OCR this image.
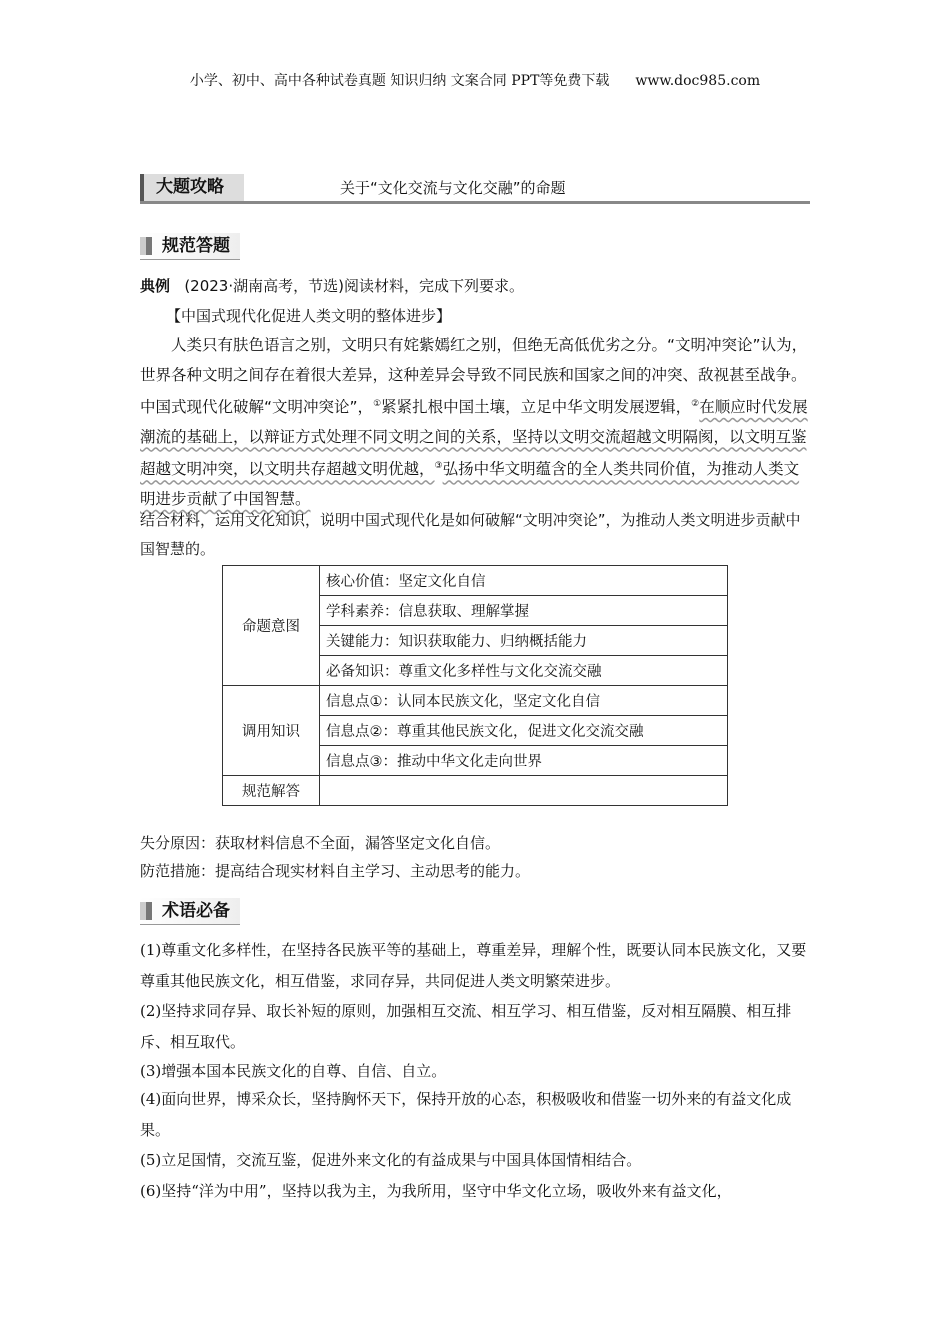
小学、初中、高中各种试卷真题 知识归纳 文案合同 PPT等免费下载 www.doc985.com
大题攻略	关于“文化交流与文化交融”的命题
规范答题
典例 (2023·湖南高考，节选)阅读材料，完成下列要求。
【中国式现代化促进人类文明的整体进步】
人类只有肤色语言之别，文明只有姹紫嫣红之别，但绝无高低优劣之分。“文明冲突论”认为，世界各种文明之间存在着很大差异，这种差异会导致不同民族和国家之间的冲突、敌视甚至战争。中国式现代化破解“文明冲突论”，①紧紧扎根中国土壤，立足中华文明发展逻辑，②在顺应时代发展潮流的基础上，以辩证方式处理不同文明之间的关系，坚持以文明交流超越文明隔阂，以文明互鉴超越文明冲突，以文明共存超越文明优越，③弘扬中华文明蕴含的全人类共同价值，为推动人类文明进步贡献了中国智慧。
结合材料，运用文化知识，说明中国式现代化是如何破解“文明冲突论”，为推动人类文明进步贡献中国智慧的。
命题意图	核心价值：坚定文化自信
	学科素养：信息获取、理解掌握
	关键能力：知识获取能力、归纳概括能力
	必备知识：尊重文化多样性与文化交流交融
调用知识	信息点①：认同本民族文化，坚定文化自信
	信息点②：尊重其他民族文化，促进文化交流交融
	信息点③：推动中华文化走向世界
规范解答	
失分原因：获取材料信息不全面，漏答坚定文化自信。
防范措施：提高结合现实材料自主学习、主动思考的能力。
术语必备
(1)尊重文化多样性，在坚持各民族平等的基础上，尊重差异，理解个性，既要认同本民族文化，又要尊重其他民族文化，相互借鉴，求同存异，共同促进人类文明繁荣进步。
(2)坚持求同存异、取长补短的原则，加强相互交流、相互学习、相互借鉴，反对相互隔膜、相互排斥、相互取代。
(3)增强本国本民族文化的自尊、自信、自立。
(4)面向世界，博采众长，坚持胸怀天下，保持开放的心态，积极吸收和借鉴一切外来的有益文化成果。
(5)立足国情，交流互鉴，促进外来文化的有益成果与中国具体国情相结合。
(6)坚持“洋为中用”，坚持以我为主，为我所用，坚守中华文化立场，吸收外来有益文化，
